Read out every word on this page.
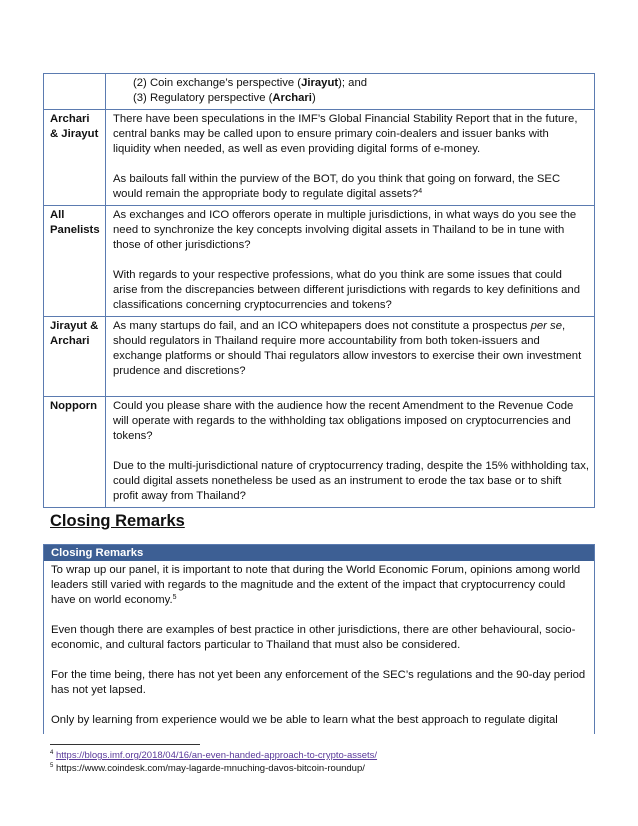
	(2) Coin exchange’s perspective (Jirayut); and

(3) Regulatory perspective (Archari)

Archari & Jirayut	There have been speculations in the IMF’s Global Financial Stability Report that in the future, central banks may be called upon to ensure primary coin-dealers and issuer banks with liquidity when needed, as well as even providing digital forms of e-money.

As bailouts fall within the purview of the BOT, do you think that going on forward, the SEC would remain the appropriate body to regulate digital assets?$^4$

All Panelists	As exchanges and ICO offerors operate in multiple jurisdictions, in what ways do you see the need to synchronize the key concepts involving digital assets in Thailand to be in tune with those of other jurisdictions?

With regards to your respective professions, what do you think are some issues that could arise from the discrepancies between different jurisdictions with regards to key definitions and classifications concerning cryptocurrencies and tokens?

Jirayut & Archari	As many startups do fail, and an ICO whitepapers does not constitute a prospectus per se, should regulators in Thailand require more accountability from both token-issuers and exchange platforms or should Thai regulators allow investors to exercise their own investment prudence and discretions?

Nopporn	Could you please share with the audience how the recent Amendment to the Revenue Code will operate with regards to the withholding tax obligations imposed on cryptocurrencies and tokens?

Due to the multi-jurisdictional nature of cryptocurrency trading, despite the 15% withholding tax, could digital assets nonetheless be used as an instrument to erode the tax base or to shift profit away from Thailand?

Closing Remarks
Closing Remarks

To wrap up our panel, it is important to note that during the World Economic Forum, opinions among world leaders still varied with regards to the magnitude and the extent of the impact that cryptocurrency could have on world economy.$^5$

Even though there are examples of best practice in other jurisdictions, there are other behavioural, socio-economic, and cultural factors particular to Thailand that must also be considered.

For the time being, there has not yet been any enforcement of the SEC’s regulations and the 90-day period has not yet lapsed.

Only by learning from experience would we be able to learn what the best approach to regulate digital

$^4$ https://blogs.imf.org/2018/04/16/an-even-handed-approach-to-crypto-assets/
$^5$ https://www.coindesk.com/may-lagarde-mnuching-davos-bitcoin-roundup/
